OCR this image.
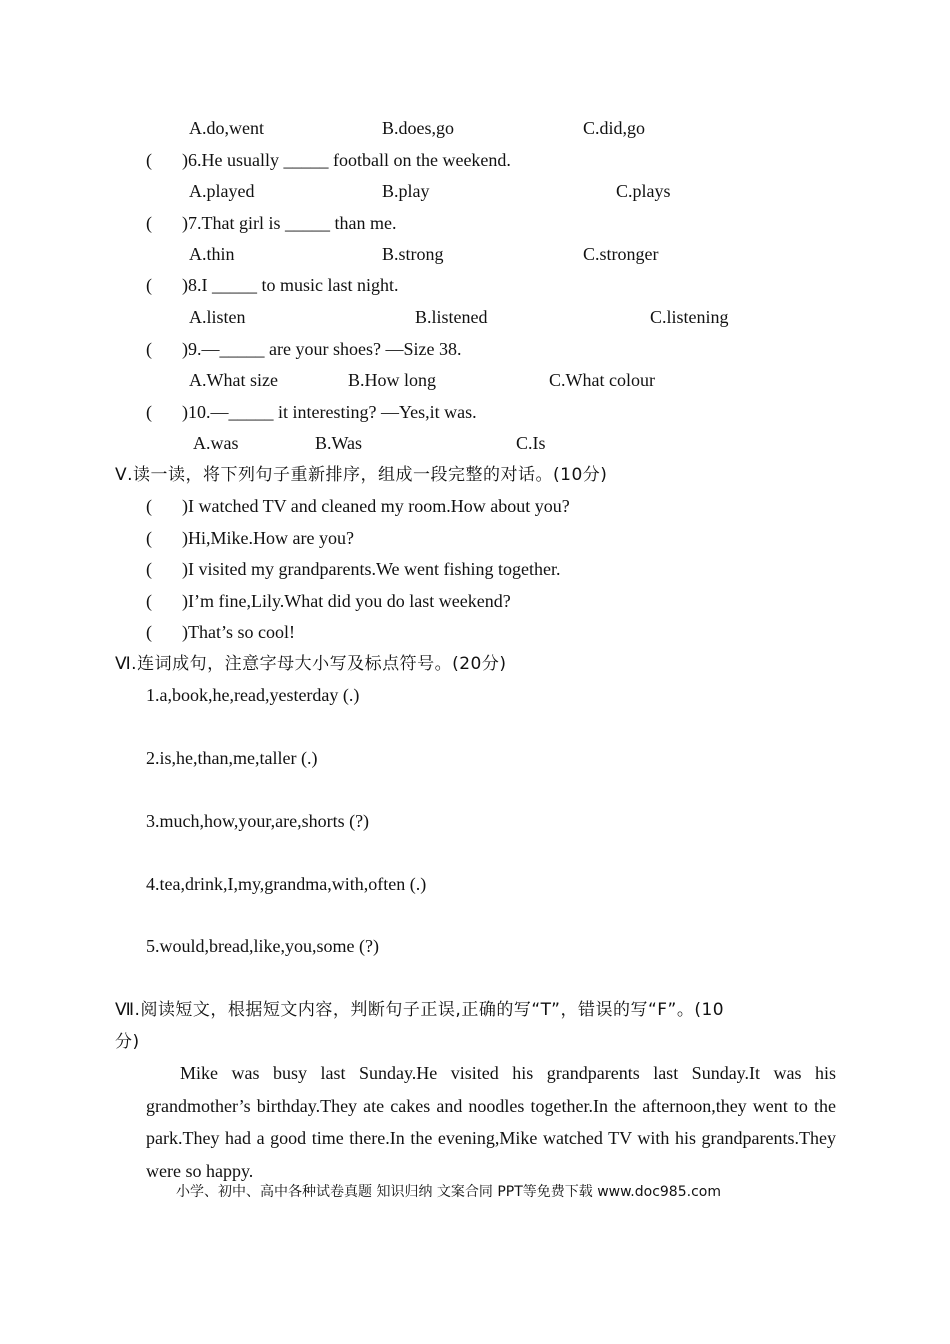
A.do,went	B.does,go	C.did,go
( )6.He usually _____ football on the weekend.
A.played	B.play	C.plays
( )7.That girl is _____ than me.
A.thin	B.strong	C.stronger
( )8.I _____ to music last night.
A.listen	B.listened	C.listening
( )9.—_____ are your shoes? —Size 38.
A.What size	B.How long	C.What colour
( )10.—_____ it interesting? —Yes,it was.
A.was	B.Was	C.Is
Ⅴ.读一读，将下列句子重新排序，组成一段完整的对话。(10分)
( )I watched TV and cleaned my room.How about you?
( )Hi,Mike.How are you?
( )I visited my grandparents.We went fishing together.
( )I’m fine,Lily.What did you do last weekend?
( )That’s so cool!
Ⅵ.连词成句，注意字母大小写及标点符号。(20分)
1.a,book,he,read,yesterday (.)
2.is,he,than,me,taller (.)
3.much,how,your,are,shorts (?)
4.tea,drink,I,my,grandma,with,often (.)
5.would,bread,like,you,some (?)
Ⅶ.阅读短文，根据短文内容，判断句子正误,正确的写“T”，错误的写“F”。(10
分)
Mike was busy last Sunday.He visited his grandparents last Sunday.It was his grandmother’s birthday.They ate cakes and noodles together.In the afternoon,they went to the park.They had a good time there.In the evening,Mike watched TV with his grandparents.They were so happy.
小学、初中、高中各种试卷真题 知识归纳 文案合同 PPT等免费下载 www.doc985.com
